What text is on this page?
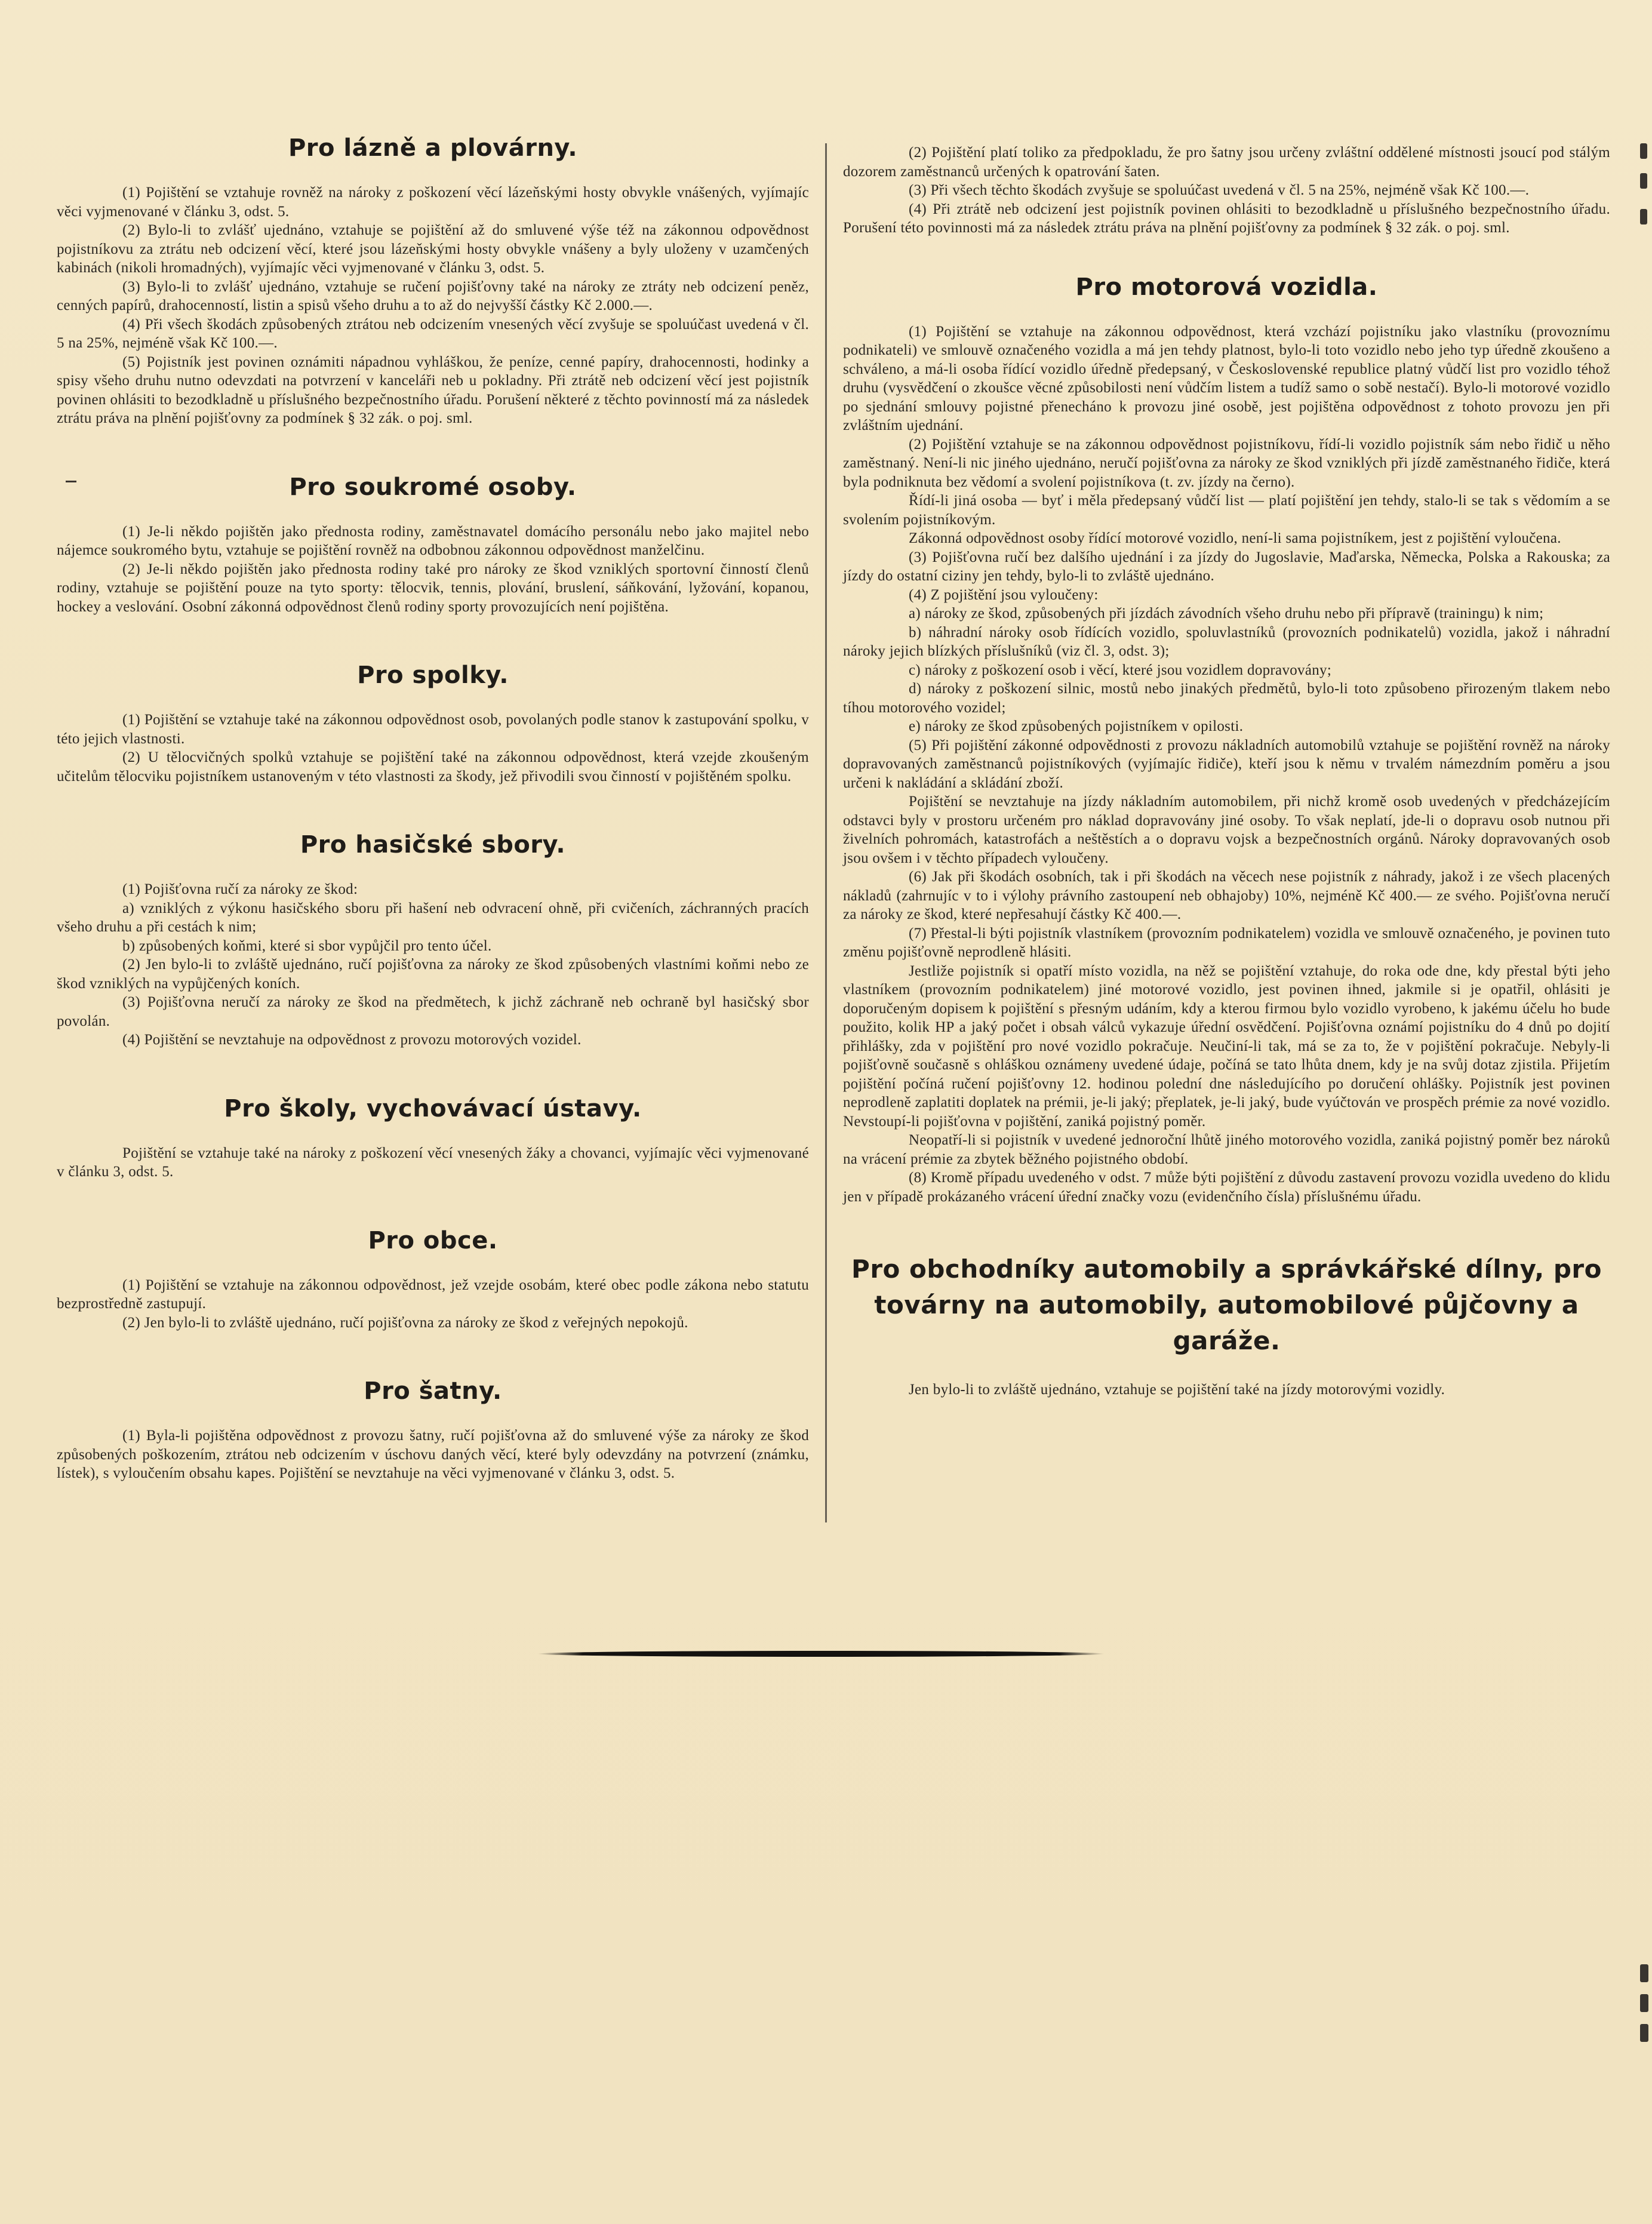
Pro lázně a plovárny.

(1) Pojištění se vztahuje rovněž na nároky z poškození věcí lázeňskými hosty obvykle vnášených, vyjímajíc věci vyjmenované v článku 3, odst. 5.

(2) Bylo-li to zvlášť ujednáno, vztahuje se pojištění až do smluvené výše též na zákonnou odpovědnost pojistníkovu za ztrátu neb odcizení věcí, které jsou lázeňskými hosty obvykle vnášeny a byly uloženy v uzamčených kabinách (nikoli hromadných), vyjímajíc věci vyjmenované v článku 3, odst. 5.

(3) Bylo-li to zvlášť ujednáno, vztahuje se ručení pojišťovny také na nároky ze ztráty neb odcizení peněz, cenných papírů, drahocenností, listin a spisů všeho druhu a to až do nejvyšší částky Kč 2.000.—.

(4) Při všech škodách způsobených ztrátou neb odcizením vnesených věcí zvyšuje se spoluúčast uvedená v čl. 5 na 25%, nejméně však Kč 100.—.

(5) Pojistník jest povinen oznámiti nápadnou vyhláškou, že peníze, cenné papíry, drahocennosti, hodinky a spisy všeho druhu nutno odevzdati na potvrzení v kanceláři neb u pokladny. Při ztrátě neb odcizení věcí jest pojistník povinen ohlásiti to bezodkladně u příslušného bezpečnostního úřadu. Porušení některé z těchto povinností má za následek ztrátu práva na plnění pojišťovny za podmínek § 32 zák. o poj. sml.

Pro soukromé osoby.

(1) Je-li někdo pojištěn jako přednosta rodiny, zaměstnavatel domácího personálu nebo jako majitel nebo nájemce soukromého bytu, vztahuje se pojištění rovněž na odbobnou zákonnou odpovědnost manželčinu.

(2) Je-li někdo pojištěn jako přednosta rodiny také pro nároky ze škod vzniklých sportovní činností členů rodiny, vztahuje se pojištění pouze na tyto sporty: tělocvik, tennis, plování, bruslení, sáňkování, lyžování, kopanou, hockey a veslování. Osobní zákonná odpovědnost členů rodiny sporty provozujících není pojištěna.

Pro spolky.

(1) Pojištění se vztahuje také na zákonnou odpovědnost osob, povolaných podle stanov k zastupování spolku, v této jejich vlastnosti.

(2) U tělocvičných spolků vztahuje se pojištění také na zákonnou odpovědnost, která vzejde zkoušeným učitelům tělocviku pojistníkem ustanoveným v této vlastnosti za škody, jež přivodili svou činností v pojištěném spolku.

Pro hasičské sbory.

(1) Pojišťovna ručí za nároky ze škod:

a) vzniklých z výkonu hasičského sboru při hašení neb odvracení ohně, při cvičeních, záchranných pracích všeho druhu a při cestách k nim;

b) způsobených koňmi, které si sbor vypůjčil pro tento účel.

(2) Jen bylo-li to zvláště ujednáno, ručí pojišťovna za nároky ze škod způsobených vlastními koňmi nebo ze škod vzniklých na vypůjčených koních.

(3) Pojišťovna neručí za nároky ze škod na předmětech, k jichž záchraně neb ochraně byl hasičský sbor povolán.

(4) Pojištění se nevztahuje na odpovědnost z provozu motorových vozidel.

Pro školy, vychovávací ústavy.

Pojištění se vztahuje také na nároky z poškození věcí vnesených žáky a chovanci, vyjímajíc věci vyjmenované v článku 3, odst. 5.

Pro obce.

(1) Pojištění se vztahuje na zákonnou odpovědnost, jež vzejde osobám, které obec podle zákona nebo statutu bezprostředně zastupují.

(2) Jen bylo-li to zvláště ujednáno, ručí pojišťovna za nároky ze škod z veřejných nepokojů.

Pro šatny.

(1) Byla-li pojištěna odpovědnost z provozu šatny, ručí pojišťovna až do smluvené výše za nároky ze škod způsobených poškozením, ztrátou neb odcizením v úschovu daných věcí, které byly odevzdány na potvrzení (známku, lístek), s vyloučením obsahu kapes. Pojištění se nevztahuje na věci vyjmenované v článku 3, odst. 5.

(2) Pojištění platí toliko za předpokladu, že pro šatny jsou určeny zvláštní oddělené místnosti jsoucí pod stálým dozorem zaměstnanců určených k opatrování šaten.

(3) Při všech těchto škodách zvyšuje se spoluúčast uvedená v čl. 5 na 25%, nejméně však Kč 100.—.

(4) Při ztrátě neb odcizení jest pojistník povinen ohlásiti to bezodkladně u příslušného bezpečnostního úřadu. Porušení této povinnosti má za následek ztrátu práva na plnění pojišťovny za podmínek § 32 zák. o poj. sml.

Pro motorová vozidla.

(1) Pojištění se vztahuje na zákonnou odpovědnost, která vzchází pojistníku jako vlastníku (provoznímu podnikateli) ve smlouvě označeného vozidla a má jen tehdy platnost, bylo-li toto vozidlo nebo jeho typ úředně zkoušeno a schváleno, a má-li osoba řídící vozidlo úředně předepsaný, v Československé republice platný vůdčí list pro vozidlo téhož druhu (vysvědčení o zkoušce věcné způsobilosti není vůdčím listem a tudíž samo o sobě nestačí). Bylo-li motorové vozidlo po sjednání smlouvy pojistné přenecháno k provozu jiné osobě, jest pojištěna odpovědnost z tohoto provozu jen při zvláštním ujednání.

(2) Pojištění vztahuje se na zákonnou odpovědnost pojistníkovu, řídí-li vozidlo pojistník sám nebo řidič u něho zaměstnaný. Není-li nic jiného ujednáno, neručí pojišťovna za nároky ze škod vzniklých při jízdě zaměstnaného řidiče, která byla podniknuta bez vědomí a svolení pojistníkova (t. zv. jízdy na černo).

Řídí-li jiná osoba — byť i měla předepsaný vůdčí list — platí pojištění jen tehdy, stalo-li se tak s vědomím a se svolením pojistníkovým.

Zákonná odpovědnost osoby řídící motorové vozidlo, není-li sama pojistníkem, jest z pojištění vyloučena.

(3) Pojišťovna ručí bez dalšího ujednání i za jízdy do Jugoslavie, Maďarska, Německa, Polska a Rakouska; za jízdy do ostatní ciziny jen tehdy, bylo-li to zvláště ujednáno.

(4) Z pojištění jsou vyloučeny:

a) nároky ze škod, způsobených při jízdách závodních všeho druhu nebo při přípravě (trainingu) k nim;

b) náhradní nároky osob řídících vozidlo, spoluvlastníků (provozních podnikatelů) vozidla, jakož i náhradní nároky jejich blízkých příslušníků (viz čl. 3, odst. 3);

c) nároky z poškození osob i věcí, které jsou vozidlem dopravovány;

d) nároky z poškození silnic, mostů nebo jinakých předmětů, bylo-li toto způsobeno přirozeným tlakem nebo tíhou motorového vozidel;

e) nároky ze škod způsobených pojistníkem v opilosti.

(5) Při pojištění zákonné odpovědnosti z provozu nákladních automobilů vztahuje se pojištění rovněž na nároky dopravovaných zaměstnanců pojistníkových (vyjímajíc řidiče), kteří jsou k němu v trvalém námezdním poměru a jsou určeni k nakládání a skládání zboží.

Pojištění se nevztahuje na jízdy nákladním automobilem, při nichž kromě osob uvedených v předcházejícím odstavci byly v prostoru určeném pro náklad dopravovány jiné osoby. To však neplatí, jde-li o dopravu osob nutnou při živelních pohromách, katastrofách a neštěstích a o dopravu vojsk a bezpečnostních orgánů. Nároky dopravovaných osob jsou ovšem i v těchto případech vyloučeny.

(6) Jak při škodách osobních, tak i při škodách na věcech nese pojistník z náhrady, jakož i ze všech placených nákladů (zahrnujíc v to i výlohy právního zastoupení neb obhajoby) 10%, nejméně Kč 400.— ze svého. Pojišťovna neručí za nároky ze škod, které nepřesahují částky Kč 400.—.

(7) Přestal-li býti pojistník vlastníkem (provozním podnikatelem) vozidla ve smlouvě označeného, je povinen tuto změnu pojišťovně neprodleně hlásiti.

Jestliže pojistník si opatří místo vozidla, na něž se pojištění vztahuje, do roka ode dne, kdy přestal býti jeho vlastníkem (provozním podnikatelem) jiné motorové vozidlo, jest povinen ihned, jakmile si je opatřil, ohlásiti je doporučeným dopisem k pojištění s přesným udáním, kdy a kterou firmou bylo vozidlo vyrobeno, k jakému účelu ho bude použito, kolik HP a jaký počet i obsah válců vykazuje úřední osvědčení. Pojišťovna oznámí pojistníku do 4 dnů po dojití přihlášky, zda v pojištění pro nové vozidlo pokračuje. Neučiní-li tak, má se za to, že v pojištění pokračuje. Nebyly-li pojišťovně současně s ohláškou oznámeny uvedené údaje, počíná se tato lhůta dnem, kdy je na svůj dotaz zjistila. Přijetím pojištění počíná ručení pojišťovny 12. hodinou polední dne následujícího po doručení ohlášky. Pojistník jest povinen neprodleně zaplatiti doplatek na prémii, je-li jaký; přeplatek, je-li jaký, bude vyúčtován ve prospěch prémie za nové vozidlo. Nevstoupí-li pojišťovna v pojištění, zaniká pojistný poměr.

Neopatří-li si pojistník v uvedené jednoroční lhůtě jiného motorového vozidla, zaniká pojistný poměr bez nároků na vrácení prémie za zbytek běžného pojistného období.

(8) Kromě případu uvedeného v odst. 7 může býti pojištění z důvodu zastavení provozu vozidla uvedeno do klidu jen v případě prokázaného vrácení úřední značky vozu (evidenčního čísla) příslušnému úřadu.

Pro obchodníky automobily a správkářské dílny, pro továrny na automobily, automobilové půjčovny a garáže.

Jen bylo-li to zvláště ujednáno, vztahuje se pojištění také na jízdy motorovými vozidly.
